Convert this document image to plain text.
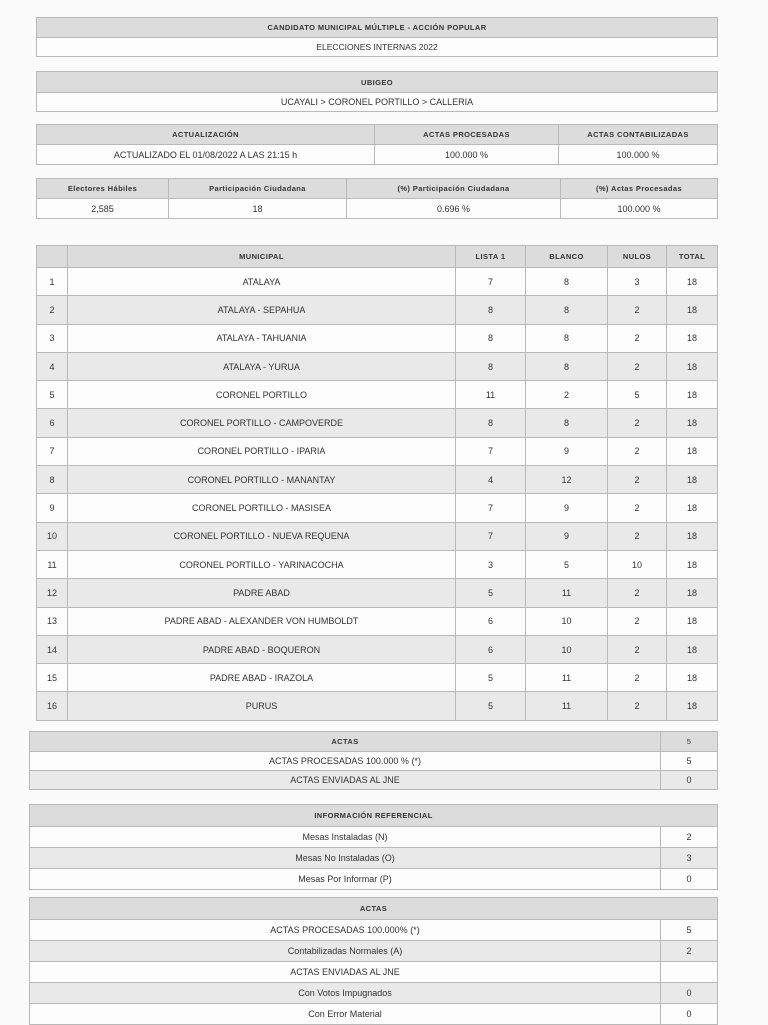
CANDIDATO MUNICIPAL MÚLTIPLE - ACCIÓN POPULAR
ELECCIONES INTERNAS 2022
UBIGEO
UCAYALI > CORONEL PORTILLO > CALLERIA
ACTUALIZACIÓN	ACTAS PROCESADAS	ACTAS CONTABILIZADAS
ACTUALIZADO EL 01/08/2022 A LAS 21:15 h	100.000 %	100.000 %
Electores Hábiles	Participación Ciudadana	(%) Participación Ciudadana	(%) Actas Procesadas
2,585	18	0.696 %	100.000 %
	MUNICIPAL	LISTA 1	BLANCO	NULOS	TOTAL
1	ATALAYA	7	8	3	18
2	ATALAYA - SEPAHUA	8	8	2	18
3	ATALAYA - TAHUANIA	8	8	2	18
4	ATALAYA - YURUA	8	8	2	18
5	CORONEL PORTILLO	11	2	5	18
6	CORONEL PORTILLO - CAMPOVERDE	8	8	2	18
7	CORONEL PORTILLO - IPARIA	7	9	2	18
8	CORONEL PORTILLO - MANANTAY	4	12	2	18
9	CORONEL PORTILLO - MASISEA	7	9	2	18
10	CORONEL PORTILLO - NUEVA REQUENA	7	9	2	18
11	CORONEL PORTILLO - YARINACOCHA	3	5	10	18
12	PADRE ABAD	5	11	2	18
13	PADRE ABAD - ALEXANDER VON HUMBOLDT	6	10	2	18
14	PADRE ABAD - BOQUERON	6	10	2	18
15	PADRE ABAD - IRAZOLA	5	11	2	18
16	PURUS	5	11	2	18
ACTAS	5
ACTAS PROCESADAS 100.000 % (*)	5
ACTAS ENVIADAS AL JNE	0
INFORMACIÓN REFERENCIAL	
Mesas Instaladas (N)	2
Mesas No Instaladas (O)	3
Mesas Por Informar (P)	0
ACTAS	
ACTAS PROCESADAS 100.000% (*)	5
Contabilizadas Normales (A)	2
ACTAS ENVIADAS AL JNE	
Con Votos Impugnados	0
Con Error Material	0
